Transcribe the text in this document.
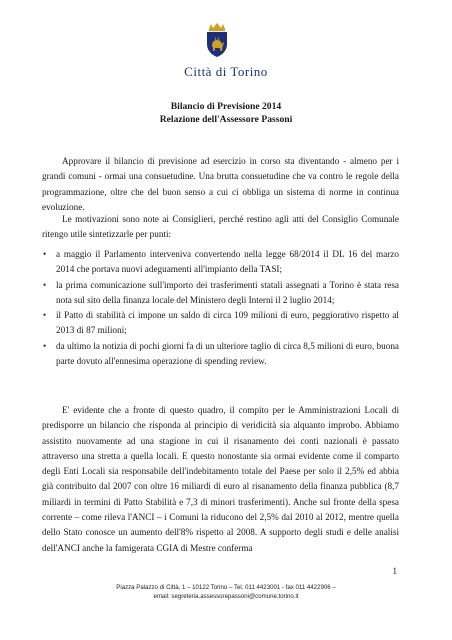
Città di Torino
Bilancio di Previsione 2014
Relazione dell'Assessore Passoni
Approvare il bilancio di previsione ad esercizio in corso sta diventando - almeno per i grandi comuni - ormai una consuetudine. Una brutta consuetudine che va contro le regole della programmazione, oltre che del buon senso a cui ci obbliga un sistema di norme in continua evoluzione.
Le motivazioni sono note ai Consiglieri, perché restino agli atti del Consiglio Comunale ritengo utile sintetizzarle per punti:
• a maggio il Parlamento interveniva convertendo nella legge 68/2014 il DL 16 del marzo 2014 che portava nuovi adeguamenti all'impianto della TASI;
• la prima comunicazione sull'importo dei trasferimenti statali assegnati a Torino è stata resa nota sul sito della finanza locale del Ministero degli Interni il 2 luglio 2014;
• il Patto di stabilità ci impone un saldo di circa 109 milioni di euro, peggiorativo rispetto al 2013 di 87 milioni;
• da ultimo la notizia di pochi giorni fa di un ulteriore taglio di circa 8,5 milioni di euro, buona parte dovuto all'ennesima operazione di spending review.
E' evidente che a fronte di questo quadro, il compito per le Amministrazioni Locali di predisporre un bilancio che risponda al principio di veridicità sia alquanto improbo. Abbiamo assistito nuovamente ad una stagione in cui il risanamento dei conti nazionali è passato attraverso una stretta a quella locali. E questo nonostante sia ormai evidente come il comparto degli Enti Locali sia responsabile dell'indebitamento totale del Paese per solo il 2,5% ed abbia già contribuito dal 2007 con oltre 16 miliardi di euro al risanamento della finanza pubblica (8,7 miliardi in termini di Patto Stabilità e 7,3 di minori trasferimenti). Anche sul fronte della spesa corrente – come rileva l'ANCI – i Comuni la riducono del 2,5% dal 2010 al 2012, mentre quella dello Stato conosce un aumento dell'8% rispetto al 2008. A supporto degli studi e delle analisi dell'ANCI anche la famigerata CGIA di Mestre conferma
1
Piazza Palazzo di Città, 1 – 10122 Torino – Tel. 011 4423001 - fax 011 4422906 –
email: segreteria.assessorepassoni@comune.torino.it
